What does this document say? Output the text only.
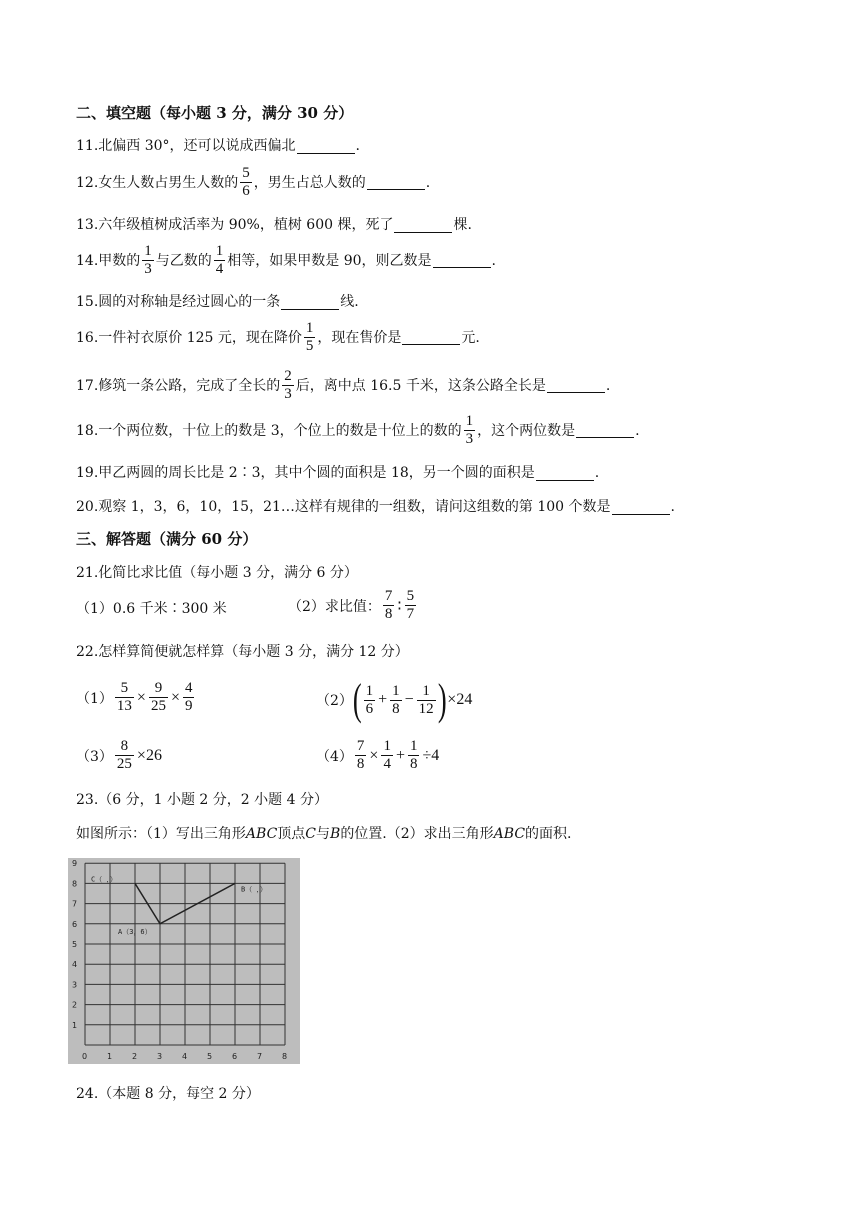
二、填空题（每小题 3 分，满分 30 分）
11.北偏西 30°，还可以说成西偏北	.
12.女生人数占男生人数的 $\frac{5}{6}$ ，男生占总人数的	.
13.六年级植树成活率为 90%，植树 600 棵，死了	棵.
14.甲数的 $\frac{1}{3}$ 与乙数的 $\frac{1}{4}$ 相等，如果甲数是 90，则乙数是	.
15.圆的对称轴是经过圆心的一条	线.
16.一件衬衣原价 125 元，现在降价 $\frac{1}{5}$ ，现在售价是	元.
17.修筑一条公路，完成了全长的 $\frac{2}{3}$ 后，离中点 16.5 千米，这条公路全长是	.
18.一个两位数，十位上的数是 3，个位上的数是十位上的数的 $\frac{1}{3}$ ，这个两位数是	.
19.甲乙两圆的周长比是 2∶3，其中个圆的面积是 18，另一个圆的面积是	.
20.观察 1，3，6，10，15，21…这样有规律的一组数，请问这组数的第 100 个数是	.
三、解答题（满分 60 分）
21.化简比求比值（每小题 3 分，满分 6 分）
（1）0.6 千米∶300 米	（2）求比值： $\frac{7}{8}$ ∶ $\frac{5}{7}$
22.怎样算简便就怎样算（每小题 3 分，满分 12 分）
$(1) \frac{5}{13} \times \frac{9}{25} \times \frac{4}{9}$	（2） ( $\frac{1}{6} + \frac{1}{8} - \frac{1}{12}$ ) ×24
$(3) \frac{8}{25} \times 26$	$(4) \frac{7}{8} \times \frac{1}{4} + \frac{1}{8} \div 4$
23.（6 分，1 小题 2 分，2 小题 4 分）
如图所示：（1）写出三角形 ABC 顶点 C 与 B 的位置.（2）求出三角形 ABC 的面积.
0 1 2 3 4 5 6 7 8
1
2
3
4
5
6
7
8
9
A（3，6）
B（ ，）
C（ ，）
24.（本题 8 分，每空 2 分）
